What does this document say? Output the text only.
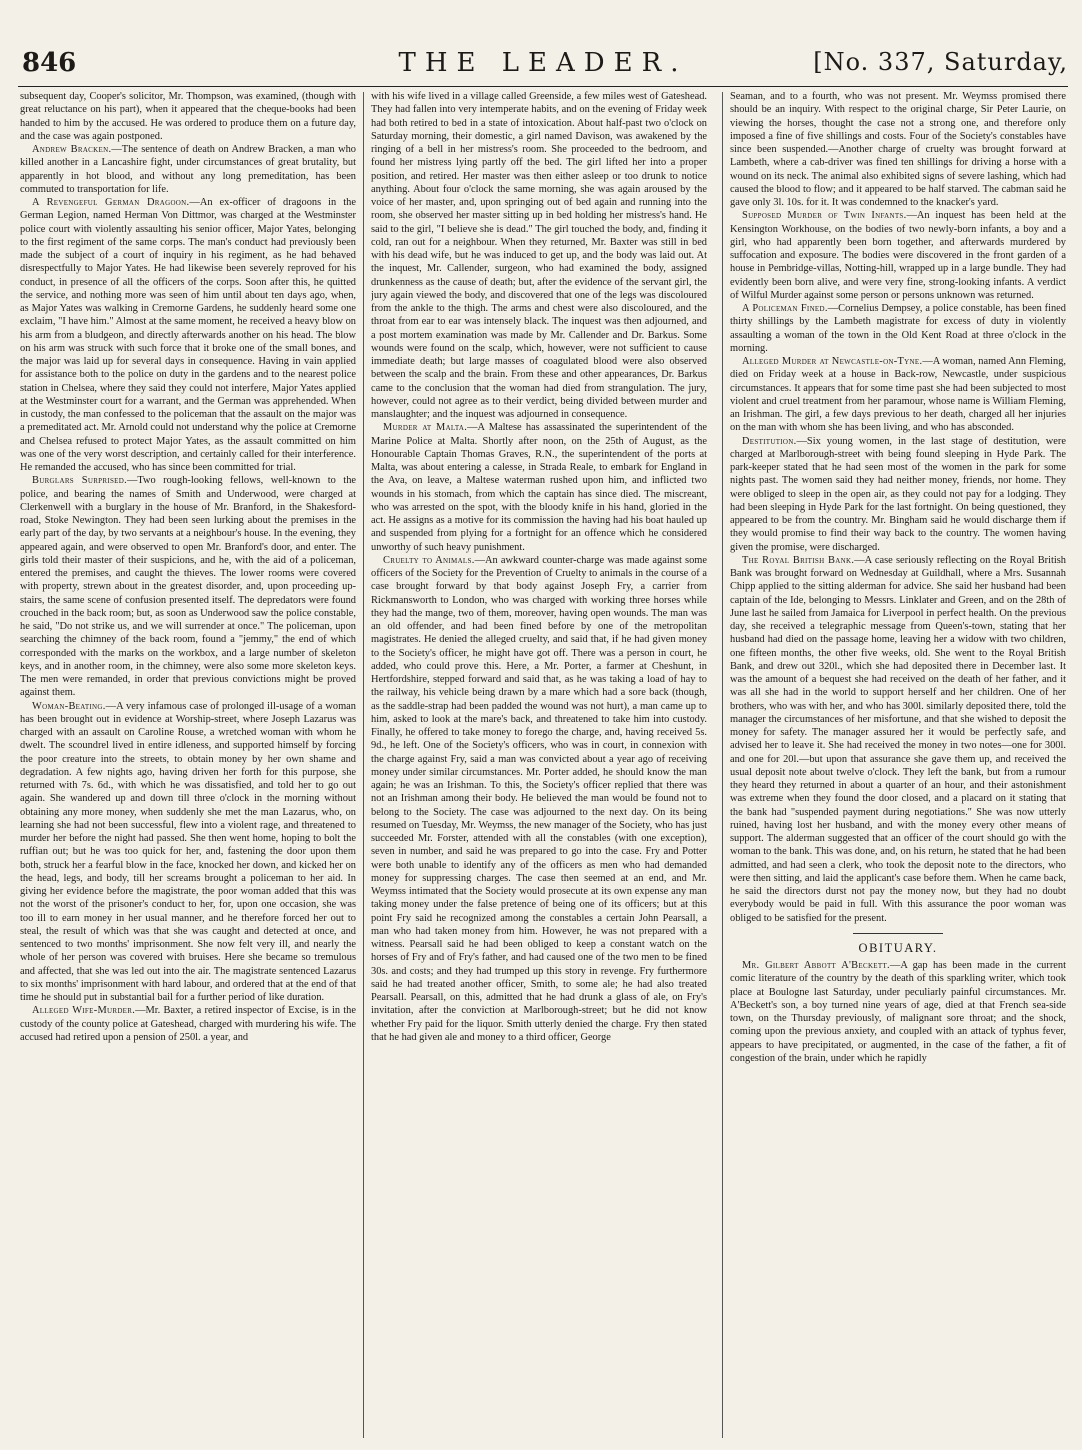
846	THE LEADER.	[No. 337, Saturday,

subsequent day, Cooper's solicitor, Mr. Thompson, was examined, (though with great reluctance on his part), when it appeared that the cheque-books had been handed to him by the accused. He was ordered to produce them on a future day, and the case was again postponed.

Andrew Bracken.—The sentence of death on Andrew Bracken, a man who killed another in a Lancashire fight, under circumstances of great brutality, but apparently in hot blood, and without any long premeditation, has been commuted to transportation for life.

A Revengeful German Dragoon.—An ex-officer of dragoons in the German Legion, named Herman Von Dittmor, was charged at the Westminster police court with violently assaulting his senior officer, Major Yates, belonging to the first regiment of the same corps. The man's conduct had previously been made the subject of a court of inquiry in his regiment, as he had behaved disrespectfully to Major Yates. He had likewise been severely reproved for his conduct, in presence of all the officers of the corps. Soon after this, he quitted the service, and nothing more was seen of him until about ten days ago, when, as Major Yates was walking in Cremorne Gardens, he suddenly heard some one exclaim, "I have him." Almost at the same moment, he received a heavy blow on his arm from a bludgeon, and directly afterwards another on his head. The blow on his arm was struck with such force that it broke one of the small bones, and the major was laid up for several days in consequence. Having in vain applied for assistance both to the police on duty in the gardens and to the nearest police station in Chelsea, where they said they could not interfere, Major Yates applied at the Westminster court for a warrant, and the German was apprehended. When in custody, the man confessed to the policeman that the assault on the major was a premeditated act. Mr. Arnold could not understand why the police at Cremorne and Chelsea refused to protect Major Yates, as the assault committed on him was one of the very worst description, and certainly called for their interference. He remanded the accused, who has since been committed for trial.

Burglars Surprised.—Two rough-looking fellows, well-known to the police, and bearing the names of Smith and Underwood, were charged at Clerkenwell with a burglary in the house of Mr. Branford, in the Shakesford-road, Stoke Newington. They had been seen lurking about the premises in the early part of the day, by two servants at a neighbour's house. In the evening, they appeared again, and were observed to open Mr. Branford's door, and enter. The girls told their master of their suspicions, and he, with the aid of a policeman, entered the premises, and caught the thieves. The lower rooms were covered with property, strewn about in the greatest disorder, and, upon proceeding up-stairs, the same scene of confusion presented itself. The depredators were found crouched in the back room; but, as soon as Underwood saw the police constable, he said, "Do not strike us, and we will surrender at once." The policeman, upon searching the chimney of the back room, found a "jemmy," the end of which corresponded with the marks on the workbox, and a large number of skeleton keys, and in another room, in the chimney, were also some more skeleton keys. The men were remanded, in order that previous convictions might be proved against them.

Woman-Beating.—A very infamous case of prolonged ill-usage of a woman has been brought out in evidence at Worship-street, where Joseph Lazarus was charged with an assault on Caroline Rouse, a wretched woman with whom he dwelt. The scoundrel lived in entire idleness, and supported himself by forcing the poor creature into the streets, to obtain money by her own shame and degradation. A few nights ago, having driven her forth for this purpose, she returned with 7s. 6d., with which he was dissatisfied, and told her to go out again. She wandered up and down till three o'clock in the morning without obtaining any more money, when suddenly she met the man Lazarus, who, on learning she had not been successful, flew into a violent rage, and threatened to murder her before the night had passed. She then went home, hoping to bolt the ruffian out; but he was too quick for her, and, fastening the door upon them both, struck her a fearful blow in the face, knocked her down, and kicked her on the head, legs, and body, till her screams brought a policeman to her aid. In giving her evidence before the magistrate, the poor woman added that this was not the worst of the prisoner's conduct to her, for, upon one occasion, she was too ill to earn money in her usual manner, and he therefore forced her out to steal, the result of which was that she was caught and detected at once, and sentenced to two months' imprisonment. She now felt very ill, and nearly the whole of her person was covered with bruises. Here she became so tremulous and affected, that she was led out into the air. The magistrate sentenced Lazarus to six months' imprisonment with hard labour, and ordered that at the end of that time he should put in substantial bail for a further period of like duration.

Alleged Wife-Murder.—Mr. Baxter, a retired inspector of Excise, is in the custody of the county police at Gateshead, charged with murdering his wife. The accused had retired upon a pension of 250l. a year, and

with his wife lived in a village called Greenside, a few miles west of Gateshead. They had fallen into very intemperate habits, and on the evening of Friday week had both retired to bed in a state of intoxication. About half-past two o'clock on Saturday morning, their domestic, a girl named Davison, was awakened by the ringing of a bell in her mistress's room. She proceeded to the bedroom, and found her mistress lying partly off the bed. The girl lifted her into a proper position, and retired. Her master was then either asleep or too drunk to notice anything. About four o'clock the same morning, she was again aroused by the voice of her master, and, upon springing out of bed again and running into the room, she observed her master sitting up in bed holding her mistress's hand. He said to the girl, "I believe she is dead." The girl touched the body, and, finding it cold, ran out for a neighbour. When they returned, Mr. Baxter was still in bed with his dead wife, but he was induced to get up, and the body was laid out. At the inquest, Mr. Callender, surgeon, who had examined the body, assigned drunkenness as the cause of death; but, after the evidence of the servant girl, the jury again viewed the body, and discovered that one of the legs was discoloured from the ankle to the thigh. The arms and chest were also discoloured, and the throat from ear to ear was intensely black. The inquest was then adjourned, and a post mortem examination was made by Mr. Callender and Dr. Barkus. Some wounds were found on the scalp, which, however, were not sufficient to cause immediate death; but large masses of coagulated blood were also observed between the scalp and the brain. From these and other appearances, Dr. Barkus came to the conclusion that the woman had died from strangulation. The jury, however, could not agree as to their verdict, being divided between murder and manslaughter; and the inquest was adjourned in consequence.

Murder at Malta.—A Maltese has assassinated the superintendent of the Marine Police at Malta. Shortly after noon, on the 25th of August, as the Honourable Captain Thomas Graves, R.N., the superintendent of the ports at Malta, was about entering a calesse, in Strada Reale, to embark for England in the Ava, on leave, a Maltese waterman rushed upon him, and inflicted two wounds in his stomach, from which the captain has since died. The miscreant, who was arrested on the spot, with the bloody knife in his hand, gloried in the act. He assigns as a motive for its commission the having had his boat hauled up and suspended from plying for a fortnight for an offence which he considered unworthy of such heavy punishment.

Cruelty to Animals.—An awkward counter-charge was made against some officers of the Society for the Prevention of Cruelty to animals in the course of a case brought forward by that body against Joseph Fry, a carrier from Rickmansworth to London, who was charged with working three horses while they had the mange, two of them, moreover, having open wounds. The man was an old offender, and had been fined before by one of the metropolitan magistrates. He denied the alleged cruelty, and said that, if he had given money to the Society's officer, he might have got off. There was a person in court, he added, who could prove this. Here, a Mr. Porter, a farmer at Cheshunt, in Hertfordshire, stepped forward and said that, as he was taking a load of hay to the railway, his vehicle being drawn by a mare which had a sore back (though, as the saddle-strap had been padded the wound was not hurt), a man came up to him, asked to look at the mare's back, and threatened to take him into custody. Finally, he offered to take money to forego the charge, and, having received 5s. 9d., he left. One of the Society's officers, who was in court, in connexion with the charge against Fry, said a man was convicted about a year ago of receiving money under similar circumstances. Mr. Porter added, he should know the man again; he was an Irishman. To this, the Society's officer replied that there was not an Irishman among their body. He believed the man would be found not to belong to the Society. The case was adjourned to the next day. On its being resumed on Tuesday, Mr. Weymss, the new manager of the Society, who has just succeeded Mr. Forster, attended with all the constables (with one exception), seven in number, and said he was prepared to go into the case. Fry and Potter were both unable to identify any of the officers as men who had demanded money for suppressing charges. The case then seemed at an end, and Mr. Weymss intimated that the Society would prosecute at its own expense any man taking money under the false pretence of being one of its officers; but at this point Fry said he recognized among the constables a certain John Pearsall, a man who had taken money from him. However, he was not prepared with a witness. Pearsall said he had been obliged to keep a constant watch on the horses of Fry and of Fry's father, and had caused one of the two men to be fined 30s. and costs; and they had trumped up this story in revenge. Fry furthermore said he had treated another officer, Smith, to some ale; he had also treated Pearsall. Pearsall, on this, admitted that he had drunk a glass of ale, on Fry's invitation, after the conviction at Marlborough-street; but he did not know whether Fry paid for the liquor. Smith utterly denied the charge. Fry then stated that he had given ale and money to a third officer, George

Seaman, and to a fourth, who was not present. Mr. Weymss promised there should be an inquiry. With respect to the original charge, Sir Peter Laurie, on viewing the horses, thought the case not a strong one, and therefore only imposed a fine of five shillings and costs. Four of the Society's constables have since been suspended.—Another charge of cruelty was brought forward at Lambeth, where a cab-driver was fined ten shillings for driving a horse with a wound on its neck. The animal also exhibited signs of severe lashing, which had caused the blood to flow; and it appeared to be half starved. The cabman said he gave only 3l. 10s. for it. It was condemned to the knacker's yard.

Supposed Murder of Twin Infants.—An inquest has been held at the Kensington Workhouse, on the bodies of two newly-born infants, a boy and a girl, who had apparently been born together, and afterwards murdered by suffocation and exposure. The bodies were discovered in the front garden of a house in Pembridge-villas, Notting-hill, wrapped up in a large bundle. They had evidently been born alive, and were very fine, strong-looking infants. A verdict of Wilful Murder against some person or persons unknown was returned.

A Policeman Fined.—Cornelius Dempsey, a police constable, has been fined thirty shillings by the Lambeth magistrate for excess of duty in violently assaulting a woman of the town in the Old Kent Road at three o'clock in the morning.

Alleged Murder at Newcastle-on-Tyne.—A woman, named Ann Fleming, died on Friday week at a house in Back-row, Newcastle, under suspicious circumstances. It appears that for some time past she had been subjected to most violent and cruel treatment from her paramour, whose name is William Fleming, an Irishman. The girl, a few days previous to her death, charged all her injuries on the man with whom she has been living, and who has absconded.

Destitution.—Six young women, in the last stage of destitution, were charged at Marlborough-street with being found sleeping in Hyde Park. The park-keeper stated that he had seen most of the women in the park for some nights past. The women said they had neither money, friends, nor home. They were obliged to sleep in the open air, as they could not pay for a lodging. They had been sleeping in Hyde Park for the last fortnight. On being questioned, they appeared to be from the country. Mr. Bingham said he would discharge them if they would promise to find their way back to the country. The women having given the promise, were discharged.

The Royal British Bank.—A case seriously reflecting on the Royal British Bank was brought forward on Wednesday at Guildhall, where a Mrs. Susannah Chipp applied to the sitting alderman for advice. She said her husband had been captain of the Ide, belonging to Messrs. Linklater and Green, and on the 28th of June last he sailed from Jamaica for Liverpool in perfect health. On the previous day, she received a telegraphic message from Queen's-town, stating that her husband had died on the passage home, leaving her a widow with two children, one fifteen months, the other five weeks, old. She went to the Royal British Bank, and drew out 320l., which she had deposited there in December last. It was the amount of a bequest she had received on the death of her father, and it was all she had in the world to support herself and her children. One of her brothers, who was with her, and who has 300l. similarly deposited there, told the manager the circumstances of her misfortune, and that she wished to deposit the money for safety. The manager assured her it would be perfectly safe, and advised her to leave it. She had received the money in two notes—one for 300l. and one for 20l.—but upon that assurance she gave them up, and received the usual deposit note about twelve o'clock. They left the bank, but from a rumour they heard they returned in about a quarter of an hour, and their astonishment was extreme when they found the door closed, and a placard on it stating that the bank had "suspended payment during negotiations." She was now utterly ruined, having lost her husband, and with the money every other means of support. The alderman suggested that an officer of the court should go with the woman to the bank. This was done, and, on his return, he stated that he had been admitted, and had seen a clerk, who took the deposit note to the directors, who were then sitting, and laid the applicant's case before them. When he came back, he said the directors durst not pay the money now, but they had no doubt everybody would be paid in full. With this assurance the poor woman was obliged to be satisfied for the present.

OBITUARY.

Mr. Gilbert Abbott A'Beckett.—A gap has been made in the current comic literature of the country by the death of this sparkling writer, which took place at Boulogne last Saturday, under peculiarly painful circumstances. Mr. A'Beckett's son, a boy turned nine years of age, died at that French sea-side town, on the Thursday previously, of malignant sore throat; and the shock, coming upon the previous anxiety, and coupled with an attack of typhus fever, appears to have precipitated, or augmented, in the case of the father, a fit of congestion of the brain, under which he rapidly
